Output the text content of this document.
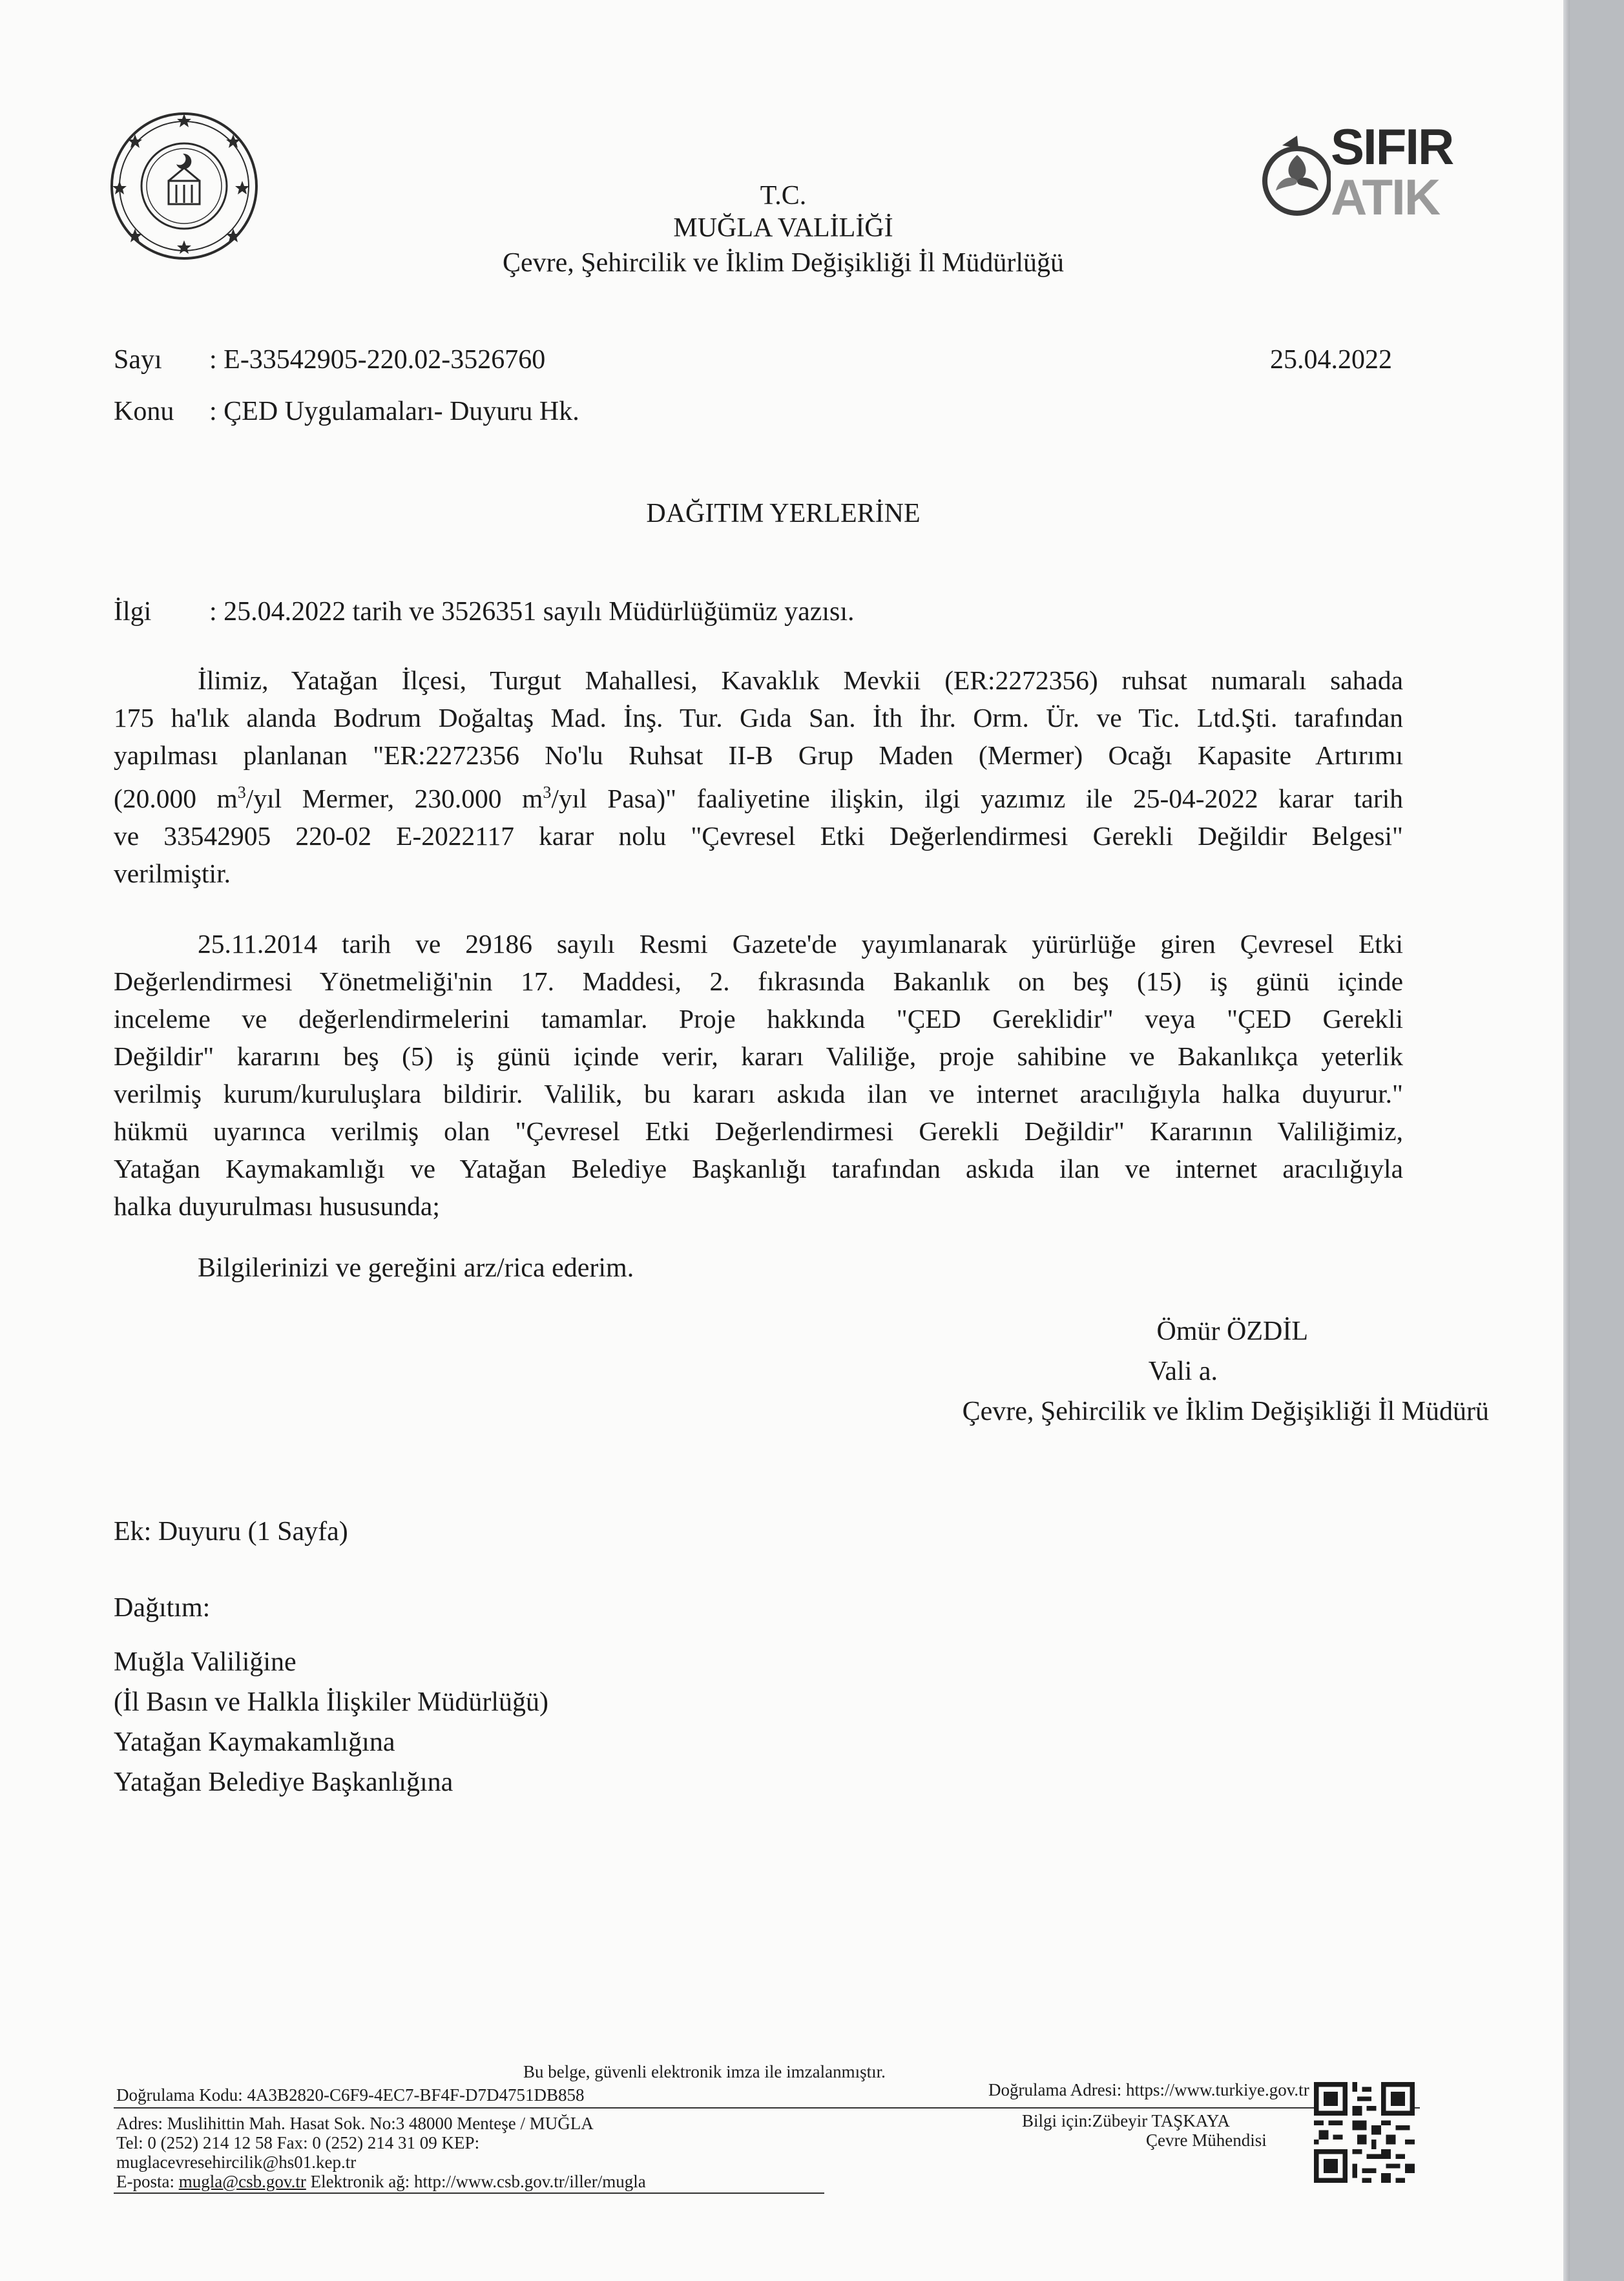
SIFIR
ATIK
T.C.
MUĞLA VALİLİĞİ
Çevre, Şehircilik ve İklim Değişikliği İl Müdürlüğü
Sayı : E-33542905-220.02-3526760	25.04.2022
Konu : ÇED Uygulamaları- Duyuru Hk.
DAĞITIM YERLERİNE
İlgi : 25.04.2022 tarih ve 3526351 sayılı Müdürlüğümüz yazısı.
İlimiz, Yatağan İlçesi, Turgut Mahallesi, Kavaklık Mevkii (ER:2272356) ruhsat numaralı sahada
175 ha'lık alanda Bodrum Doğaltaş Mad. İnş. Tur. Gıda San. İth İhr. Orm. Ür. ve Tic. Ltd.Şti. tarafından
yapılması planlanan "ER:2272356 No'lu Ruhsat II-B Grup Maden (Mermer) Ocağı Kapasite Artırımı
(20.000 $m^3$/yıl Mermer, 230.000 $m^3$/yıl Pasa)" faaliyetine ilişkin, ilgi yazımız ile 25-04-2022 karar tarih
ve 33542905 220-02 E-2022117 karar nolu "Çevresel Etki Değerlendirmesi Gerekli Değildir Belgesi"
verilmiştir.
25.11.2014 tarih ve 29186 sayılı Resmi Gazete'de yayımlanarak yürürlüğe giren Çevresel Etki
Değerlendirmesi Yönetmeliği'nin 17. Maddesi, 2. fıkrasında Bakanlık on beş (15) iş günü içinde
inceleme ve değerlendirmelerini tamamlar. Proje hakkında "ÇED Gereklidir" veya "ÇED Gerekli
Değildir" kararını beş (5) iş günü içinde verir, kararı Valiliğe, proje sahibine ve Bakanlıkça yeterlik
verilmiş kurum/kuruluşlara bildirir. Valilik, bu kararı askıda ilan ve internet aracılığıyla halka duyurur."
hükmü uyarınca verilmiş olan "Çevresel Etki Değerlendirmesi Gerekli Değildir" Kararının Valiliğimiz,
Yatağan Kaymakamlığı ve Yatağan Belediye Başkanlığı tarafından askıda ilan ve internet aracılığıyla
halka duyurulması hususunda;
Bilgilerinizi ve gereğini arz/rica ederim.
Ömür ÖZDİL
Vali a.
Çevre, Şehircilik ve İklim Değişikliği İl Müdürü
Ek: Duyuru (1 Sayfa)
Dağıtım:
Muğla Valiliğine
(İl Basın ve Halkla İlişkiler Müdürlüğü)
Yatağan Kaymakamlığına
Yatağan Belediye Başkanlığına
Bu belge, güvenli elektronik imza ile imzalanmıştır.
Doğrulama Kodu: 4A3B2820-C6F9-4EC7-BF4F-D7D4751DB858	Doğrulama Adresi: https://www.turkiye.gov.tr
Adres: Muslihittin Mah. Hasat Sok. No:3 48000 Menteşe / MUĞLA
Tel: 0 (252) 214 12 58 Fax: 0 (252) 214 31 09 KEP:
muglacevresehircilik@hs01.kep.tr
E-posta: mugla@csb.gov.tr Elektronik ağ: http://www.csb.gov.tr/iller/mugla
Bilgi için:Zübeyir TAŞKAYA
Çevre Mühendisi
